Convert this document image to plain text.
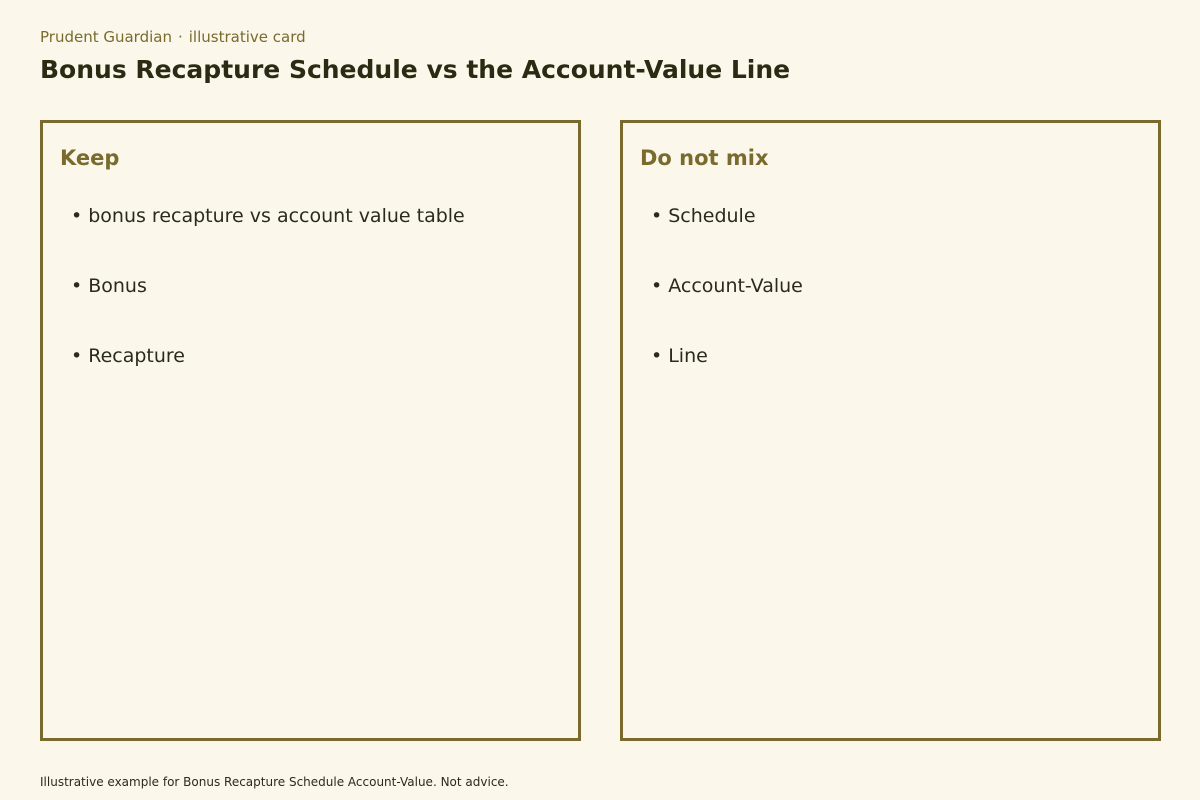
Prudent Guardian · illustrative card
Bonus Recapture Schedule vs the Account-Value Line
Keep
• bonus recapture vs account value table
• Bonus
• Recapture
Do not mix
• Schedule
• Account-Value
• Line
Illustrative example for Bonus Recapture Schedule Account-Value. Not advice.
